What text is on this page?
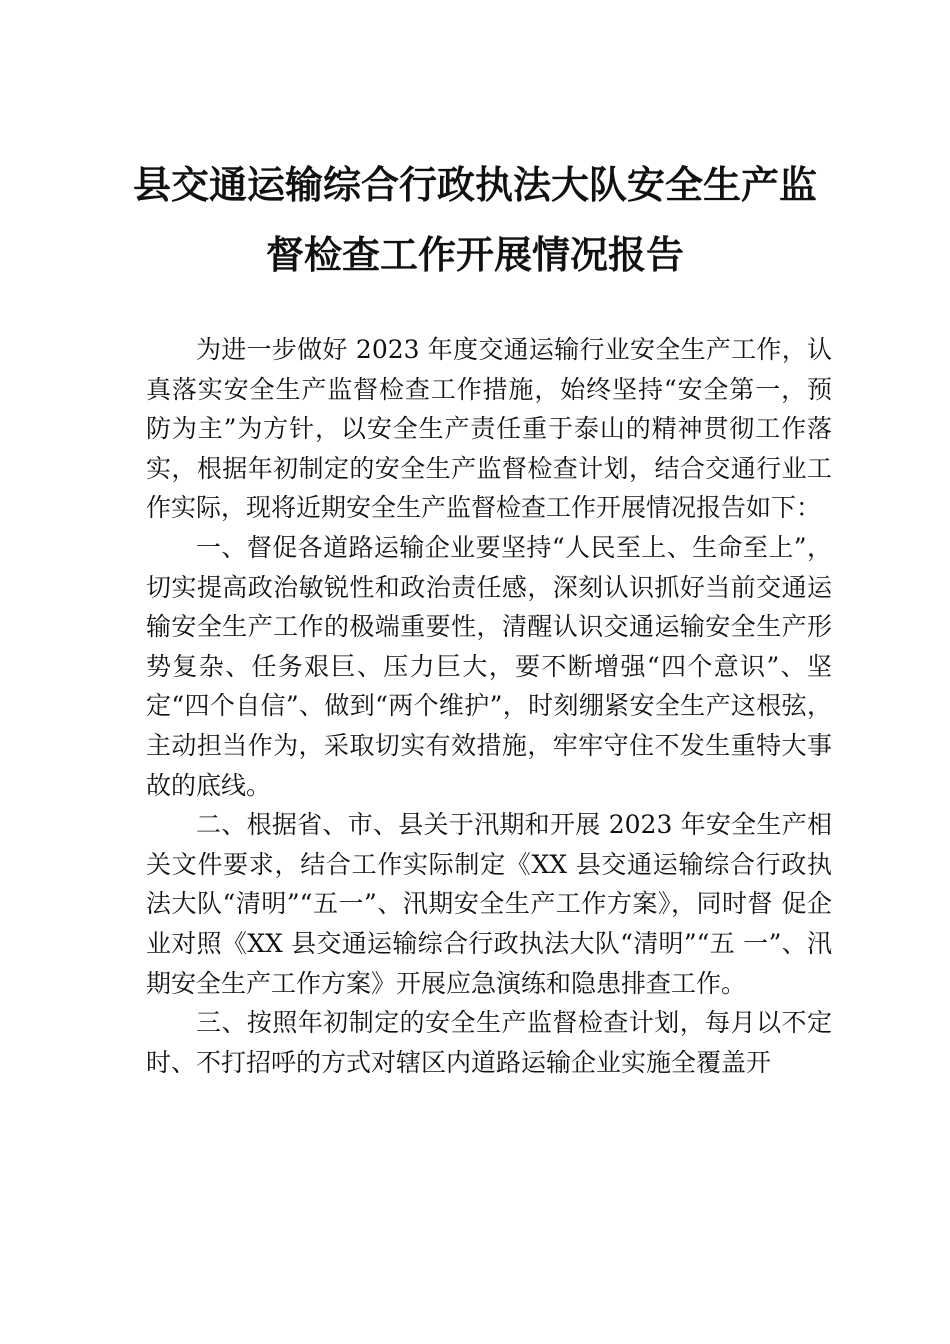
县交通运输综合行政执法大队安全生产监
督检查工作开展情况报告

为进一步做好 2023 年度交通运输行业安全生产工作，认真落实安全生产监督检查工作措施，始终坚持“安全第一，预防为主”为方针，以安全生产责任重于泰山的精神贯彻工作落实，根据年初制定的安全生产监督检查计划，结合交通行业工作实际，现将近期安全生产监督检查工作开展情况报告如下：

一、督促各道路运输企业要坚持“人民至上、生命至上”，切实提高政治敏锐性和政治责任感，深刻认识抓好当前交通运输安全生产工作的极端重要性，清醒认识交通运输安全生产形势复杂、任务艰巨、压力巨大，要不断增强“四个意识”、坚定“四个自信”、做到“两个维护”，时刻绷紧安全生产这根弦，主动担当作为，采取切实有效措施，牢牢守住不发生重特大事故的底线。

二、根据省、市、县关于汛期和开展 2023 年安全生产相关文件要求，结合工作实际制定《XX 县交通运输综合行政执法大队“清明”“五一”、汛期安全生产工作方案》，同时督 促企业对照《XX 县交通运输综合行政执法大队“清明”“五 一”、汛期安全生产工作方案》开展应急演练和隐患排查工作。

三、按照年初制定的安全生产监督检查计划，每月以不定时、不打招呼的方式对辖区内道路运输企业实施全覆盖开
